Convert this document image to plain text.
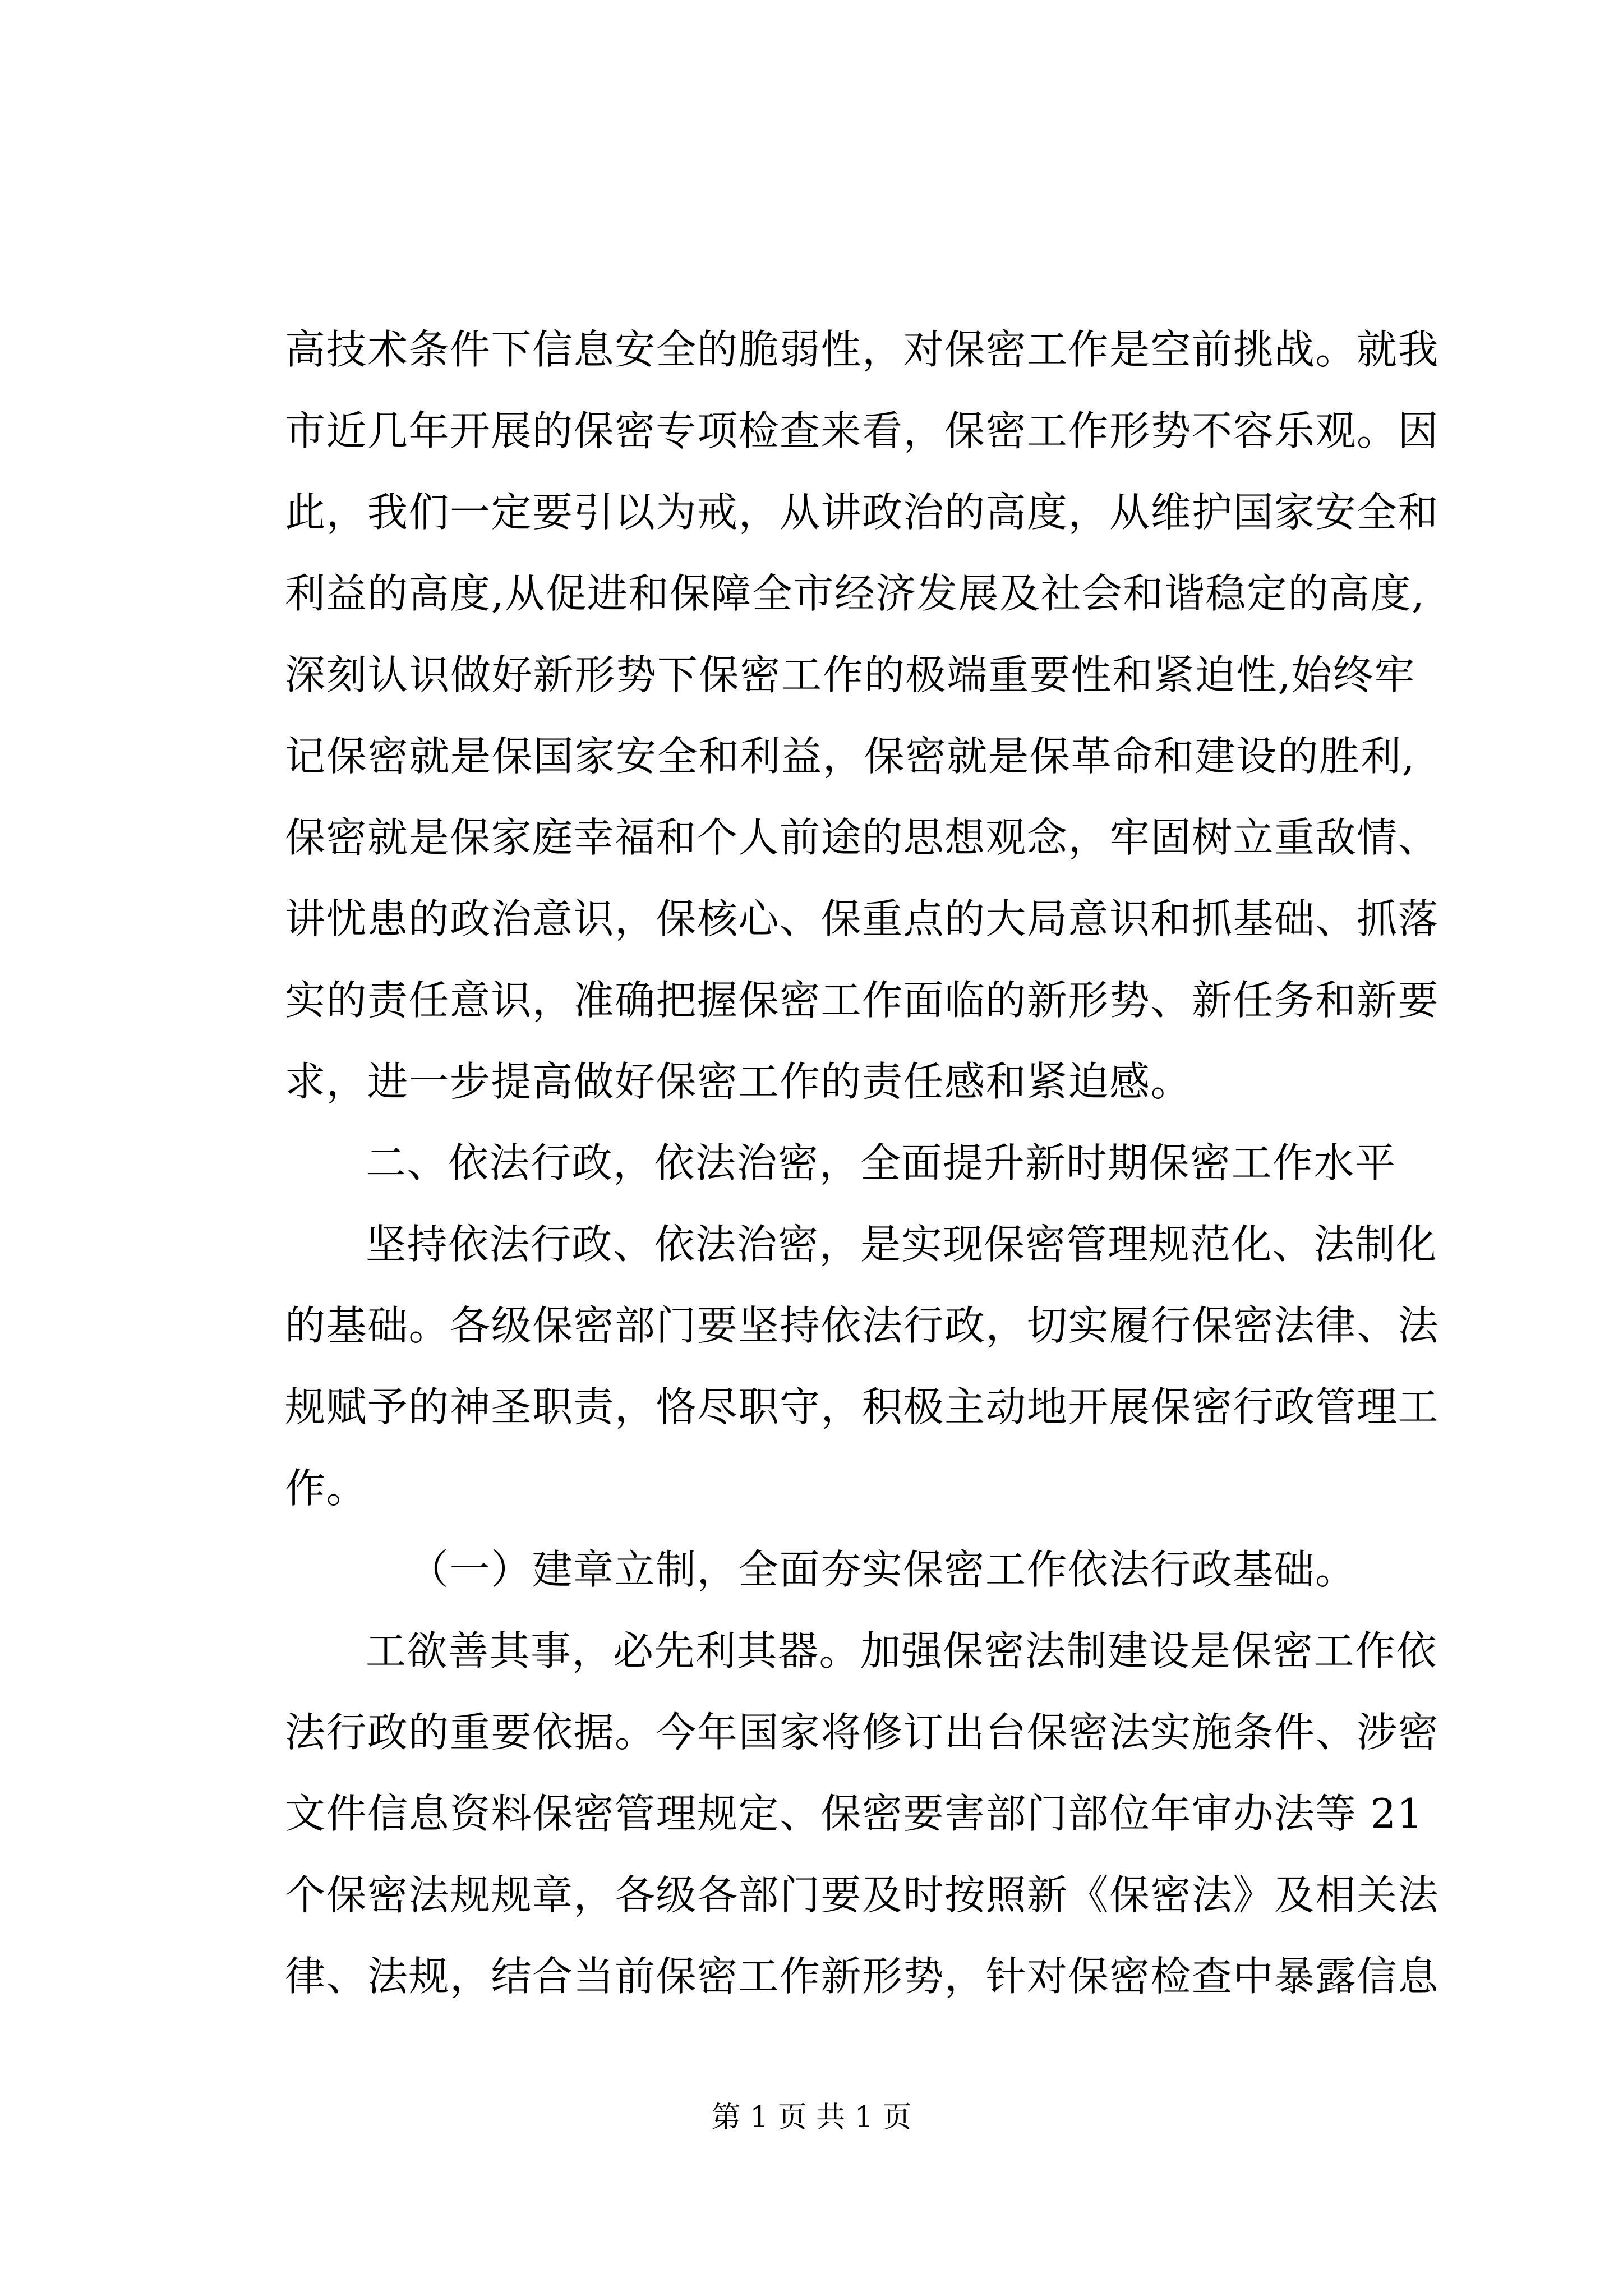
高技术条件下信息安全的脆弱性，对保密工作是空前挑战。就我
市近几年开展的保密专项检查来看，保密工作形势不容乐观。因
此，我们一定要引以为戒，从讲政治的高度，从维护国家安全和
利益的高度,从促进和保障全市经济发展及社会和谐稳定的高度,
深刻认识做好新形势下保密工作的极端重要性和紧迫性,始终牢
记保密就是保国家安全和利益，保密就是保革命和建设的胜利,
保密就是保家庭幸福和个人前途的思想观念，牢固树立重敌情、
讲忧患的政治意识，保核心、保重点的大局意识和抓基础、抓落
实的责任意识，准确把握保密工作面临的新形势、新任务和新要
求，进一步提高做好保密工作的责任感和紧迫感。
二、依法行政，依法治密，全面提升新时期保密工作水平
坚持依法行政、依法治密，是实现保密管理规范化、法制化
的基础。各级保密部门要坚持依法行政，切实履行保密法律、法
规赋予的神圣职责，恪尽职守，积极主动地开展保密行政管理工
作。
（一）建章立制，全面夯实保密工作依法行政基础。
工欲善其事，必先利其器。加强保密法制建设是保密工作依
法行政的重要依据。今年国家将修订出台保密法实施条件、涉密
文件信息资料保密管理规定、保密要害部门部位年审办法等 21
个保密法规规章，各级各部门要及时按照新《保密法》及相关法
律、法规，结合当前保密工作新形势，针对保密检查中暴露信息
第 1 页 共 1 页
